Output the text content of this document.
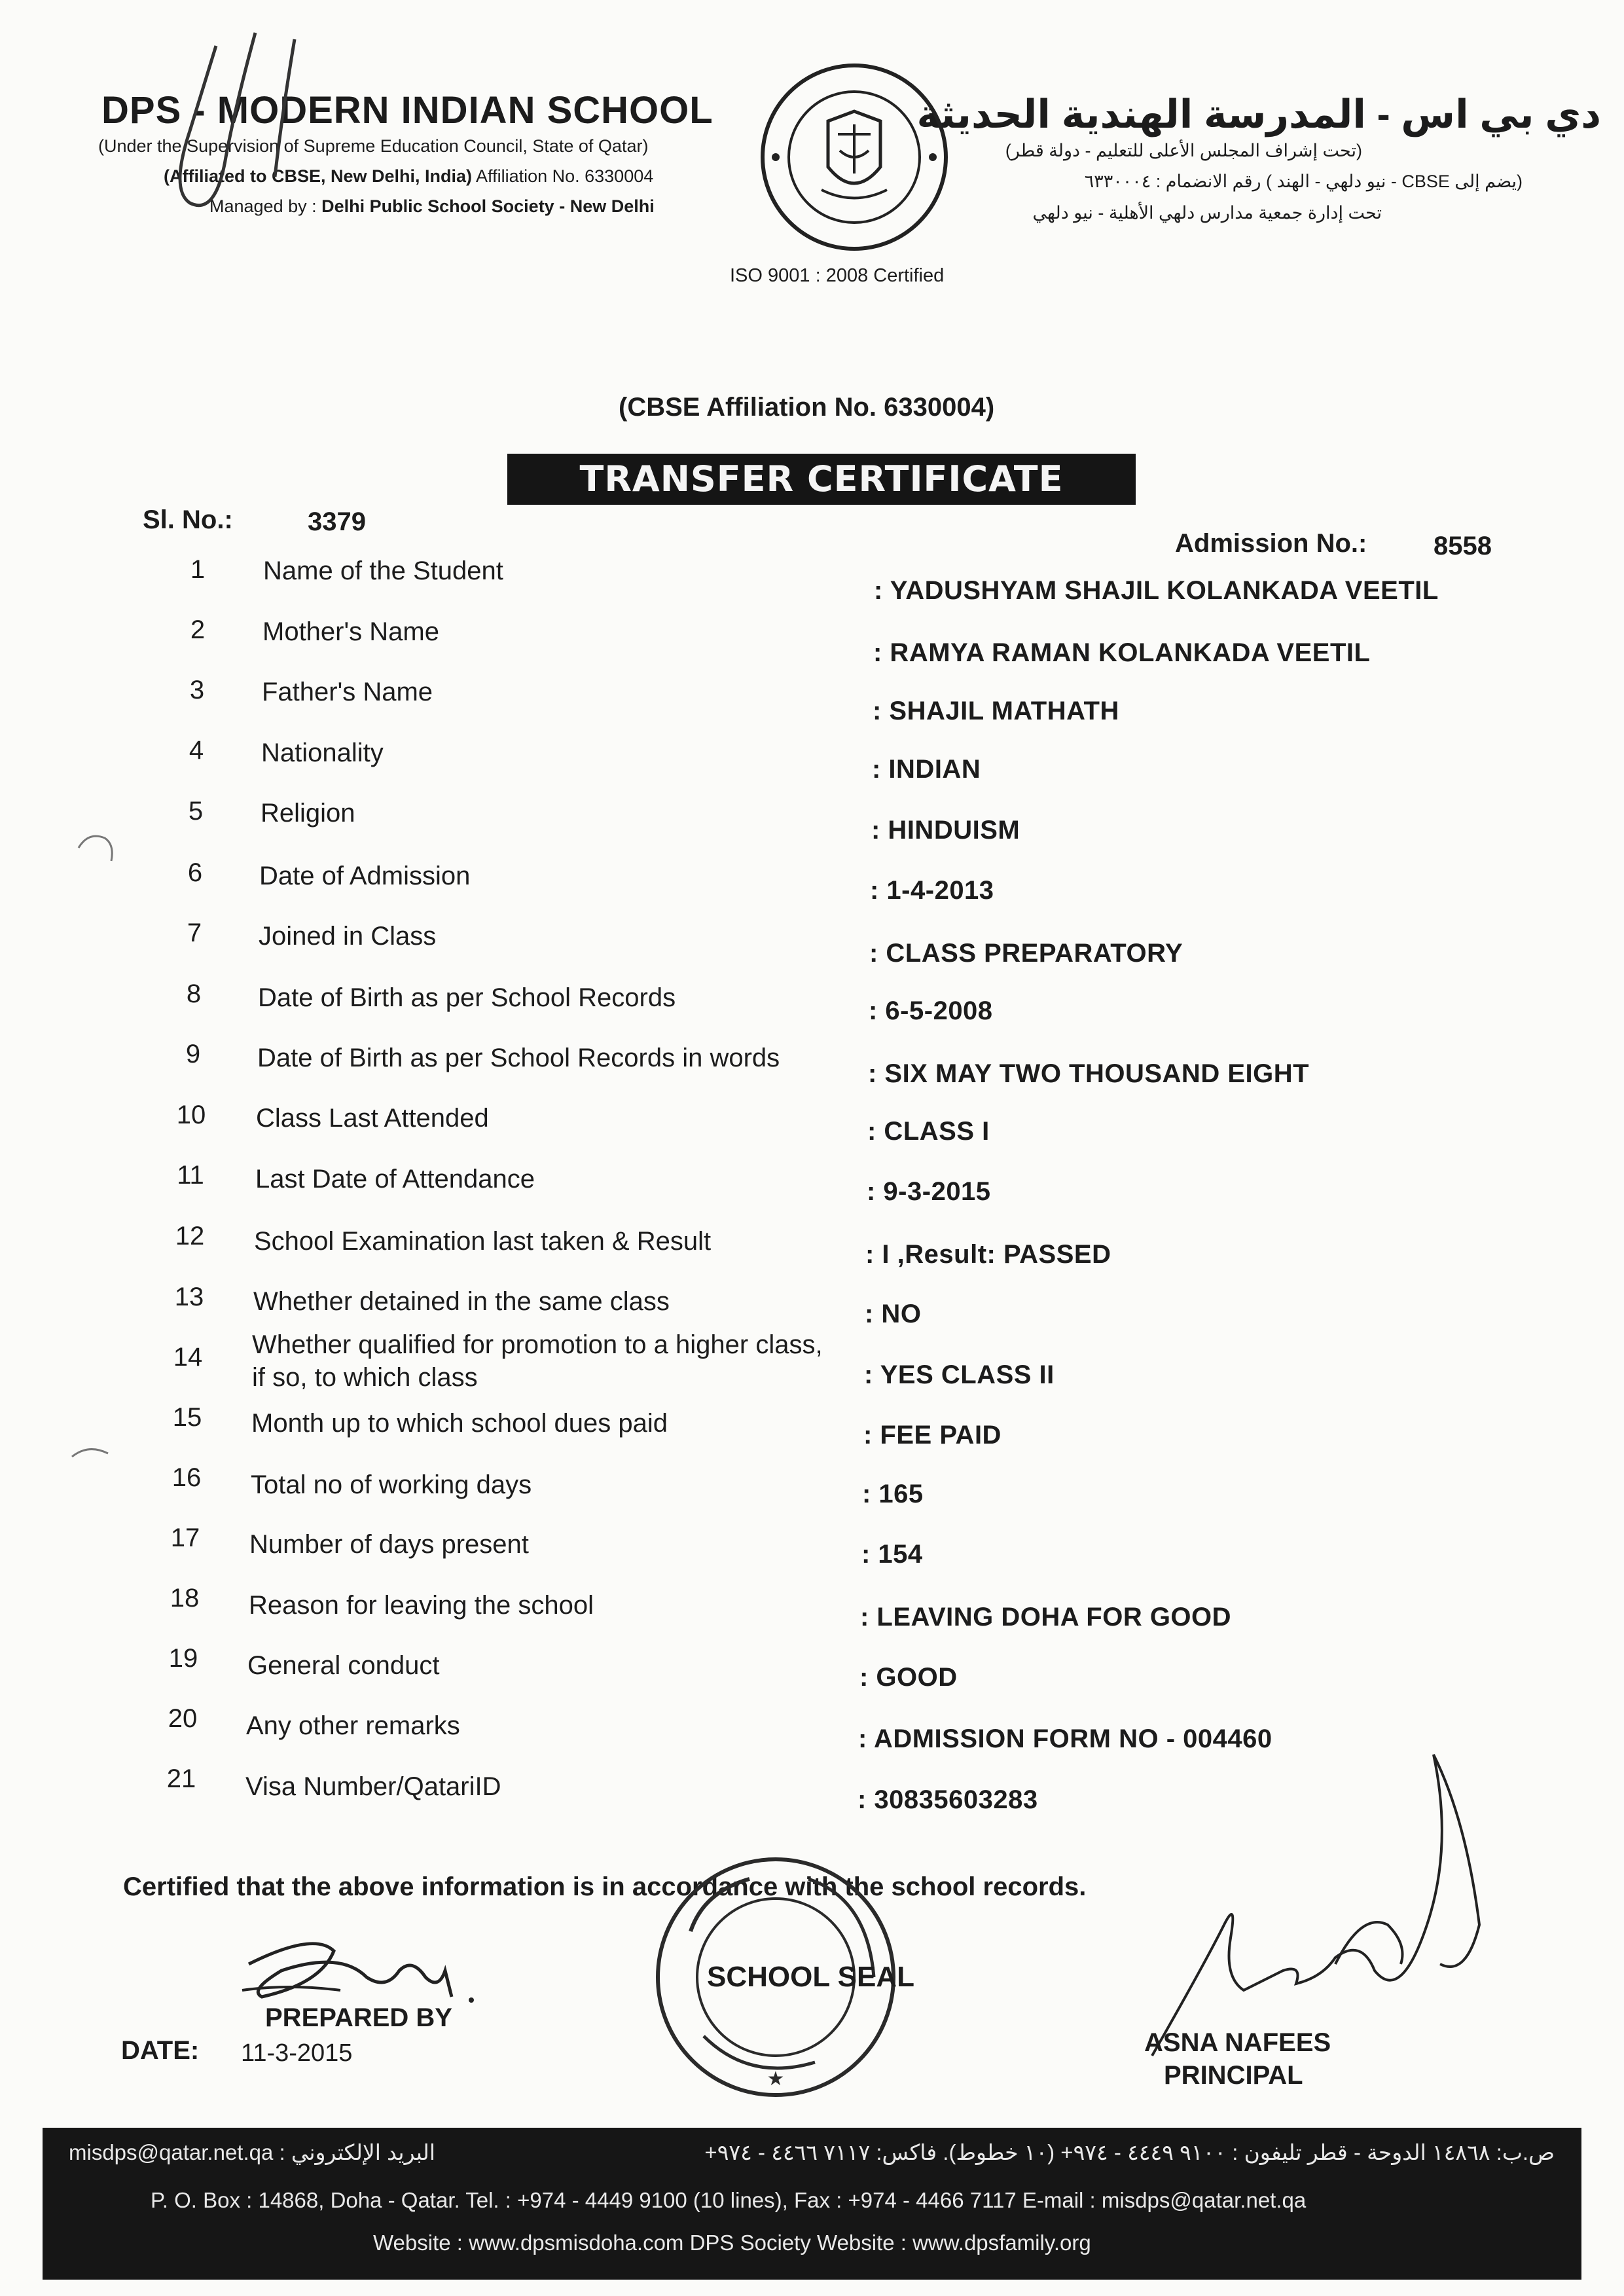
DPS - MODERN INDIAN SCHOOL
(Under the Supervision of Supreme Education Council, State of Qatar)
(Affiliated to CBSE, New Delhi, India) Affiliation No. 6330004
Managed by : Delhi Public School Society - New Delhi
دي بي اس - المدرسة الهندية الحديثة
(تحت إشراف المجلس الأعلى للتعليم - دولة قطر)
(يضم إلى CBSE - نيو دلهي - الهند ) رقم الانضمام : ٦٣٣٠٠٠٤
تحت إدارة جمعية مدارس دلهي الأهلية - نيو دلهي
ISO 9001 : 2008 Certified
(CBSE Affiliation No. 6330004)
TRANSFER CERTIFICATE
Sl. No.:	3379
Admission No.:	8558
1	Name of the Student
: YADUSHYAM SHAJIL KOLANKADA VEETIL
2	Mother's Name
: RAMYA RAMAN KOLANKADA VEETIL
3	Father's Name
: SHAJIL MATHATH
4	Nationality
: INDIAN
5	Religion
: HINDUISM
6	Date of Admission	: 1-4-2013
7	Joined in Class
: CLASS PREPARATORY
8	Date of Birth as per School Records	: 6-5-2008
9	Date of Birth as per School Records in words
: SIX MAY TWO THOUSAND EIGHT
10	Class Last Attended	: CLASS I
11	Last Date of Attendance	: 9-3-2015
12	School Examination last taken & Result	: I ,Result: PASSED
13	Whether detained in the same class	: NO
14	Whether qualified for promotion to a higher class,
if so, to which class	: YES CLASS II
15	Month up to which school dues paid	: FEE PAID
16	Total no of working days	: 165
17	Number of days present	: 154
18	Reason for leaving the school	: LEAVING DOHA FOR GOOD
19	General conduct	: GOOD
20	Any other remarks	: ADMISSION FORM NO - 004460
21	Visa Number/QatariID	: 30835603283
Certified that the above information is in accordance with the school records.
PREPARED BY
DATE: 11-3-2015
★
SCHOOL SEAL
ASNA NAFEES
PRINCIPAL
misdps@qatar.net.qa : البريد الإلكتروني	ص.ب: ١٤٨٦٨ الدوحة - قطر تليفون : ٩١٠٠ ٤٤٤٩ - ٩٧٤+ (١٠ خطوط). فاكس: ٧١١٧ ٤٤٦٦ - ٩٧٤+
P. O. Box : 14868, Doha - Qatar. Tel. : +974 - 4449 9100 (10 lines), Fax : +974 - 4466 7117 E-mail : misdps@qatar.net.qa
Website : www.dpsmisdoha.com DPS Society Website : www.dpsfamily.org
